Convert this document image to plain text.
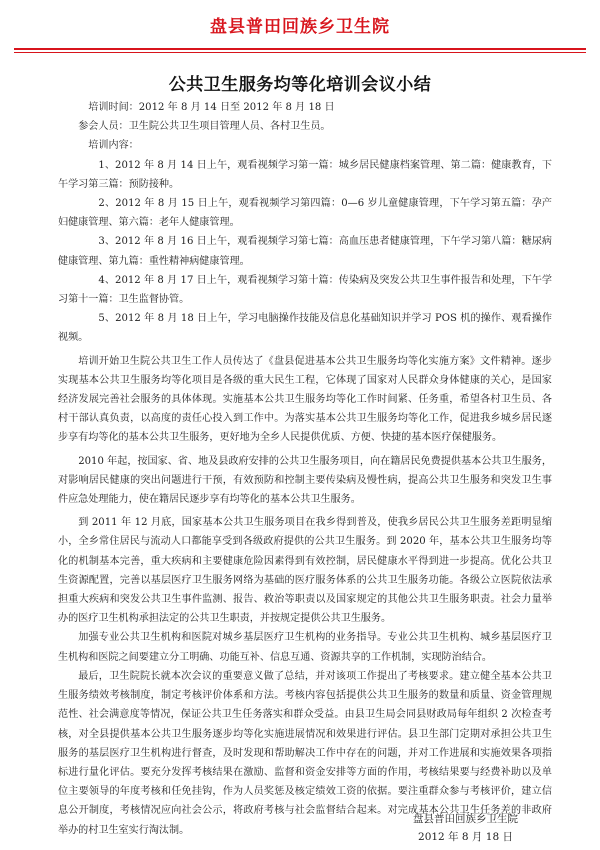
盘县普田回族乡卫生院
公共卫生服务均等化培训会议小结

培训时间：2012 年 8 月 14 日至 2012 年 8 月 18 日

参会人员：卫生院公共卫生项目管理人员、各村卫生员。

培训内容：

1、2012 年 8 月 14 日上午，观看视频学习第一篇：城乡居民健康档案管理、第二篇：健康教育，下午学习第三篇：预防接种。

2、2012 年 8 月 15 日上午，观看视频学习第四篇：0—6 岁儿童健康管理，下午学习第五篇：孕产妇健康管理、第六篇：老年人健康管理。

3、2012 年 8 月 16 日上午，观看视频学习第七篇：高血压患者健康管理，下午学习第八篇：糖尿病健康管理、第九篇：重性精神病健康管理。

4、2012 年 8 月 17 日上午，观看视频学习第十篇：传染病及突发公共卫生事件报告和处理，下午学习第十一篇：卫生监督协管。

5、2012 年 8 月 18 日上午，学习电脑操作技能及信息化基础知识并学习 POS 机的操作、观看操作视频。

培训开始卫生院公共卫生工作人员传达了《盘县促进基本公共卫生服务均等化实施方案》文件精神。逐步实现基本公共卫生服务均等化项目是各级的重大民生工程，它体现了国家对人民群众身体健康的关心，是国家经济发展完善社会服务的具体体现。实施基本公共卫生服务均等化工作时间紧、任务重，希望各村卫生员、各村干部认真负责，以高度的责任心投入到工作中。为落实基本公共卫生服务均等化工作，促进我乡城乡居民逐步享有均等化的基本公共卫生服务，更好地为全乡人民提供优质、方便、快捷的基本医疗保健服务。

2010 年起，按国家、省、地及县政府安排的公共卫生服务项目，向在籍居民免费提供基本公共卫生服务，对影响居民健康的突出问题进行干预，有效预防和控制主要传染病及慢性病，提高公共卫生服务和突发卫生事件应急处理能力，使在籍居民逐步享有均等化的基本公共卫生服务。

到 2011 年 12 月底，国家基本公共卫生服务项目在我乡得到普及，使我乡居民公共卫生服务差距明显缩小，全乡常住居民与流动人口都能享受到各级政府提供的公共卫生服务。到 2020 年，基本公共卫生服务均等化的机制基本完善，重大疾病和主要健康危险因素得到有效控制，居民健康水平得到进一步提高。优化公共卫生资源配置，完善以基层医疗卫生服务网络为基础的医疗服务体系的公共卫生服务功能。各级公立医院依法承担重大疾病和突发公共卫生事件监测、报告、救治等职责以及国家规定的其他公共卫生服务职责。社会力量举办的医疗卫生机构承担法定的公共卫生职责，并按规定提供公共卫生服务。

加强专业公共卫生机构和医院对城乡基层医疗卫生机构的业务指导。专业公共卫生机构、城乡基层医疗卫生机构和医院之间要建立分工明确、功能互补、信息互通、资源共享的工作机制，实现防治结合。

最后，卫生院院长就本次会议的重要意义做了总结，并对该项工作提出了考核要求。建立健全基本公共卫生服务绩效考核制度，制定考核评价体系和方法。考核内容包括提供公共卫生服务的数量和质量、资金管理规范性、社会满意度等情况，保证公共卫生任务落实和群众受益。由县卫生局会同县财政局每年组织 2 次检查考核，对全县提供基本公共卫生服务逐步均等化实施进展情况和效果进行评估。县卫生部门定期对承担公共卫生服务的基层医疗卫生机构进行督查，及时发现和帮助解决工作中存在的问题，并对工作进展和实施效果各项指标进行量化评估。要充分发挥考核结果在激励、监督和资金安排等方面的作用，考核结果要与经费补助以及单位主要领导的年度考核和任免挂钩，作为人员奖惩及核定绩效工资的依据。要注重群众参与考核评价，建立信息公开制度，考核情况应向社会公示，将政府考核与社会监督结合起来。对完成基本公共卫生任务差的非政府举办的村卫生室实行淘汰制。

盘县普田回族乡卫生院
2012 年 8 月 18 日
